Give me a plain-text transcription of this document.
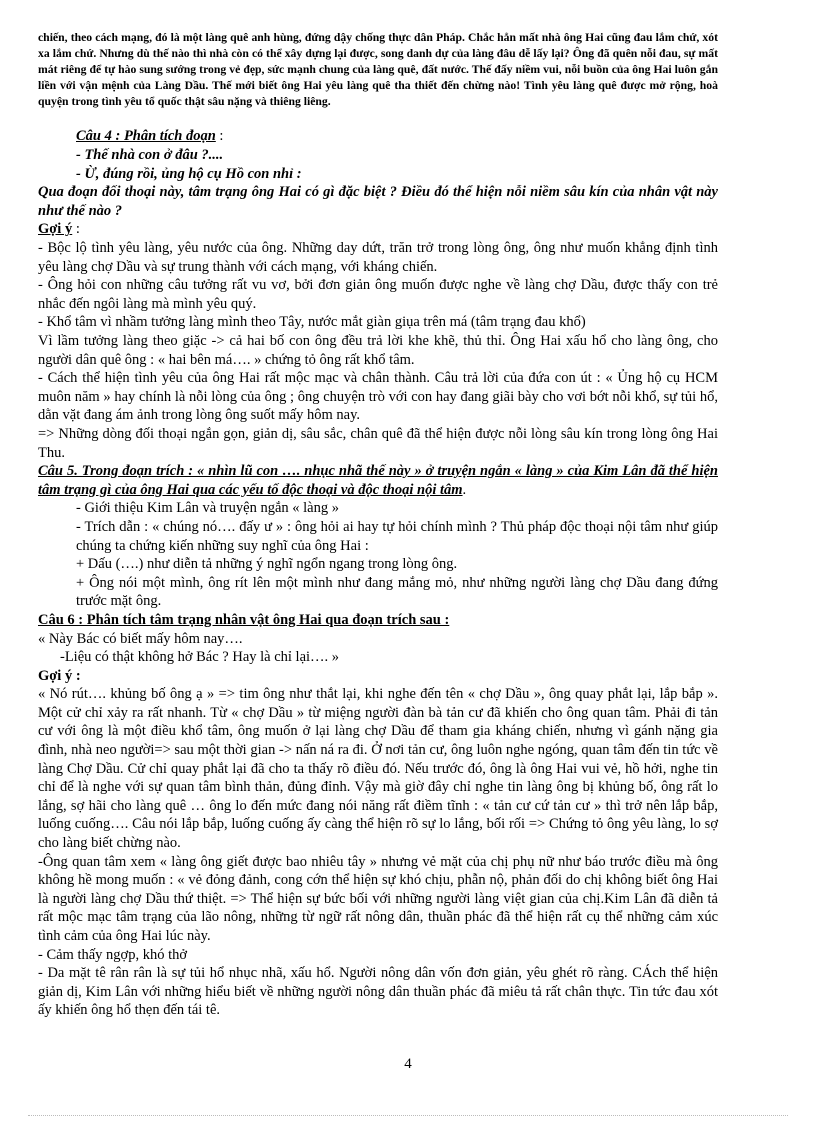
chiến, theo cách mạng, đó là một làng quê anh hùng, đứng dậy chống thực dân Pháp. Chắc hẳn mất nhà ông Hai cũng đau lắm chứ, xót xa lắm chứ. Nhưng dù thế nào thì nhà còn có thể xây dựng lại được, song danh dự của làng đâu dễ lấy lại? Ông đã quên nỗi đau, sự mất mát riêng để tự hào sung sướng trong vẻ đẹp, sức mạnh chung của làng quê, đất nước. Thế đấy niềm vui, nỗi buồn của ông Hai luôn gắn liền với vận mệnh của Làng Dầu. Thế mới biết ông Hai yêu làng quê tha thiết đến chừng nào! Tình yêu làng quê được mở rộng, hoà quyện trong tình yêu tổ quốc thật sâu nặng và thiêng liêng.

Câu 4 : Phân tích đoạn :

- Thế nhà con ở đâu ?....

- Ừ, đúng rồi, ủng hộ cụ Hồ con nhỉ :

Qua đoạn đối thoại này, tâm trạng ông Hai có gì đặc biệt ? Điều đó thể hiện nỗi niềm sâu kín của nhân vật này như thế nào ?

Gợi ý :

- Bộc lộ tình yêu làng, yêu nước của ông. Những day dứt, trăn trở trong lòng ông, ông như muốn khẳng định tình yêu làng chợ Dầu và sự trung thành với cách mạng, với kháng chiến.

- Ông hỏi con những câu tưởng rất vu vơ, bởi đơn giản ông muốn được nghe về làng chợ Dầu, được thấy con trẻ nhắc đến ngôi làng mà mình yêu quý.

- Khổ tâm vì nhầm tưởng làng mình theo Tây, nước mắt giàn giụa trên má (tâm trạng đau khổ)

Vì lầm tưởng làng theo giặc -> cả hai bố con ông đều trả lời khe khẽ, thủ thỉ. Ông Hai xấu hổ cho làng ông, cho người dân quê ông : « hai bên má…. » chứng tỏ ông rất khổ tâm.

- Cách thể hiện tình yêu của ông Hai rất mộc mạc và chân thành. Câu trả lời của đứa con út : « Ủng hộ cụ HCM muôn năm » hay chính là nỗi lòng của ông ; ông chuyện trò với con hay đang giãi bày cho vơi bớt nỗi khổ, sự tủi hổ, dằn vặt đang ám ảnh trong lòng ông suốt mấy hôm nay.

=> Những dòng đối thoại ngắn gọn, giản dị, sâu sắc, chân quê đã thể hiện được nỗi lòng sâu kín trong lòng ông Hai Thu.

Câu 5. Trong đoạn trích : « nhìn lũ con …. nhục nhã thế này » ở truyện ngắn « làng » của Kim Lân đã thể hiện tâm trạng gì của ông Hai qua các yếu tố độc thoại và độc thoại nội tâm.

- Giới thiệu Kim Lân và truyện ngắn « làng »

- Trích dẫn : « chúng nó…. đấy ư » : ông hỏi ai hay tự hỏi chính mình ? Thủ pháp độc thoại nội tâm như giúp chúng ta chứng kiến những suy nghĩ của ông Hai :

+ Dấu (….) như diễn tả những ý nghĩ ngổn ngang trong lòng ông.

+ Ông nói một mình, ông rít lên một mình như đang mắng mỏ, như những người làng chợ Dầu đang đứng trước mặt ông.

Câu 6 : Phân tích tâm trạng nhân vật ông Hai qua đoạn trích sau :

« Này Bác có biết mấy hôm nay….

-Liệu có thật không hở Bác ? Hay là chỉ lại…. »

Gợi ý :

« Nó rút…. khủng bố ông ạ » => tim ông như thắt lại, khi nghe đến tên « chợ Dầu », ông quay phắt lại, lắp bắp ». Một cử chỉ xảy ra rất nhanh. Từ « chợ Dầu » từ miệng người đàn bà tản cư đã khiến cho ông quan tâm. Phải đi tản cư với ông là một điều khổ tâm, ông muốn ở lại làng chợ Dầu để tham gia kháng chiến, nhưng vì gánh nặng gia đình, nhà neo người=> sau một thời gian -> nấn ná ra đi. Ở nơi tản cư, ông luôn nghe ngóng, quan tâm đến tin tức về làng Chợ Dầu. Cử chỉ quay phắt lại đã cho ta thấy rõ điều đó. Nếu trước đó, ông là ông Hai vui vẻ, hồ hởi, nghe tin chỉ để là nghe với sự quan tâm bình thản, đủng đỉnh. Vậy mà giờ đây chỉ nghe tin làng ông bị khủng bố, ông rất lo lắng, sợ hãi cho làng quê … ông lo đến mức đang nói năng rất điềm tĩnh : « tản cư cứ tản cư » thì trở nên lắp bắp, luống cuống…. Câu nói lắp bắp, luống cuống ấy càng thể hiện rõ sự lo lắng, bối rối => Chứng tỏ ông yêu làng, lo sợ cho làng biết chừng nào.

-Ông quan tâm xem « làng ông giết được bao nhiêu tây » nhưng vẻ mặt của chị phụ nữ như báo trước điều mà ông không hề mong muốn : « vẻ đỏng đảnh, cong cớn thể hiện sự khó chịu, phẫn nộ, phản đối do chị không biết ông Hai là người làng chợ Dầu thứ thiệt. => Thể hiện sự bức bối với những người làng việt gian của chị.Kim Lân đã diễn tả rất mộc mạc tâm trạng của lão nông, những từ ngữ rất nông dân, thuần phác đã thể hiện rất cụ thể những cảm xúc tình cảm của ông Hai lúc này.

- Cảm thấy ngợp, khó thở

- Da mặt tê rân rân là sự tủi hổ nhục nhã, xấu hổ. Người nông dân vốn đơn giản, yêu ghét rõ ràng. CÁch thể hiện giản dị, Kim Lân với những hiểu biết về những người nông dân thuần phác đã miêu tả rất chân thực. Tin tức đau xót ấy khiến ông hổ thẹn đến tái tê.

4
